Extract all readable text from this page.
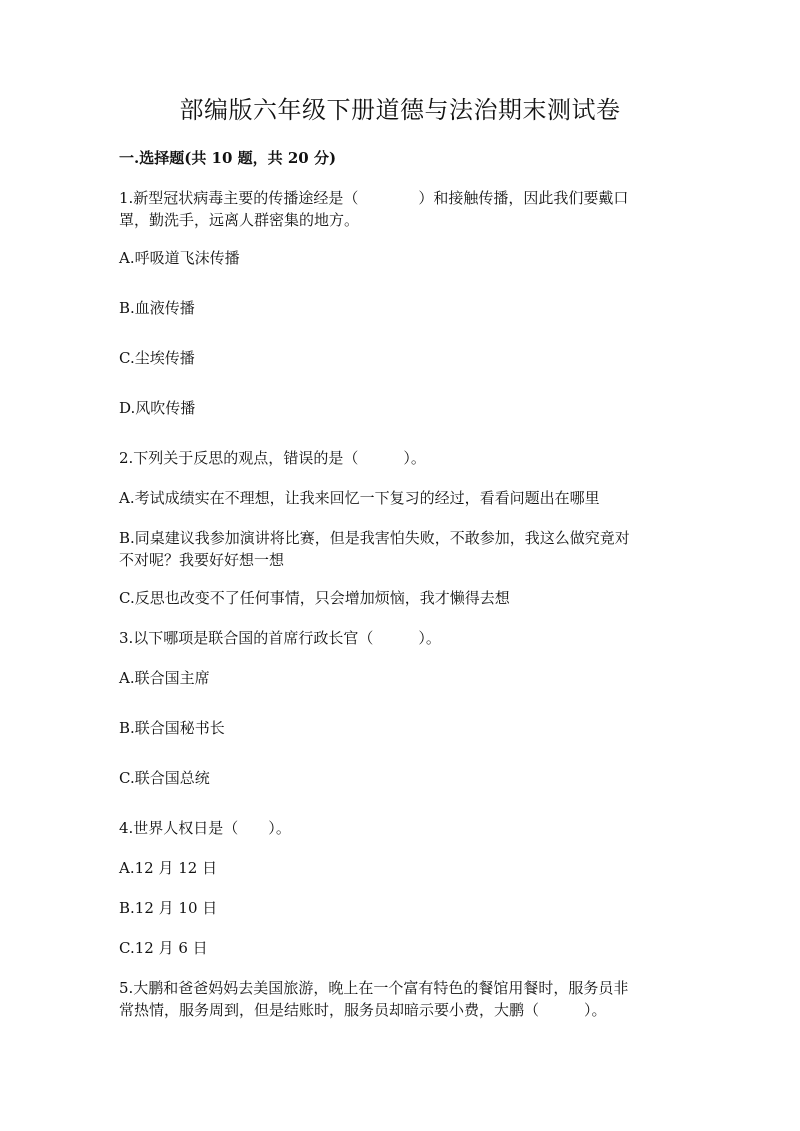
部编版六年级下册道德与法治期末测试卷
一.选择题(共 10 题，共 20 分)
1.新型冠状病毒主要的传播途经是（　　　　）和接触传播，因此我们要戴口
罩，勤洗手，远离人群密集的地方。
A.呼吸道飞沫传播
B.血液传播
C.尘埃传播
D.风吹传播
2.下列关于反思的观点，错误的是（　　　）。
A.考试成绩实在不理想，让我来回忆一下复习的经过，看看问题出在哪里
B.同桌建议我参加演讲将比赛，但是我害怕失败，不敢参加，我这么做究竟对
不对呢？我要好好想一想
C.反思也改变不了任何事情，只会增加烦恼，我才懒得去想
3.以下哪项是联合国的首席行政长官（　　　）。
A.联合国主席
B.联合国秘书长
C.联合国总统
4.世界人权日是（　　）。
A.12 月 12 日
B.12 月 10 日
C.12 月 6 日
5.大鹏和爸爸妈妈去美国旅游，晚上在一个富有特色的餐馆用餐时，服务员非
常热情，服务周到，但是结账时，服务员却暗示要小费，大鹏（　　　）。
